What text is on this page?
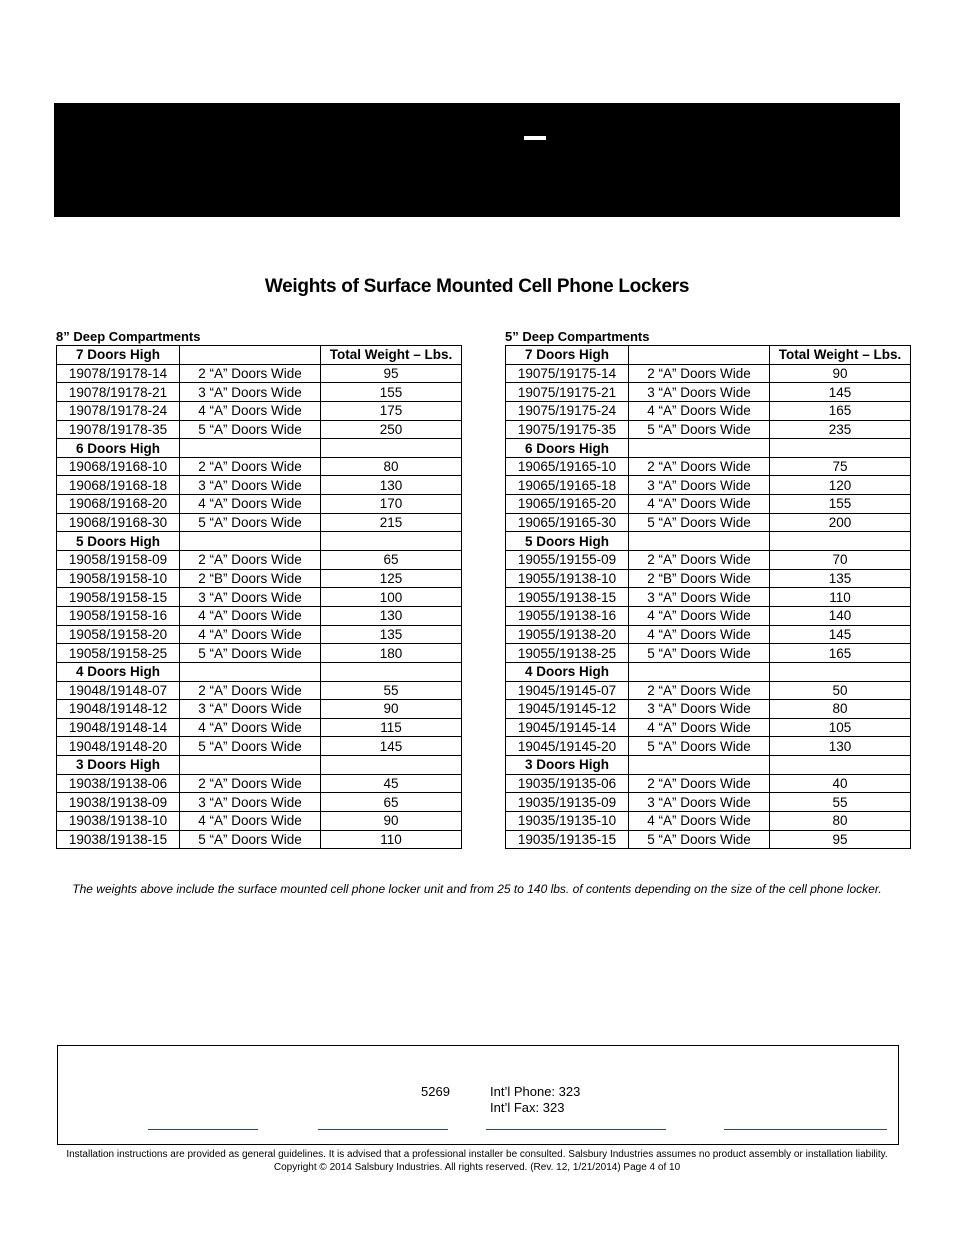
Weights of Surface Mounted Cell Phone Lockers
8” Deep Compartments
7 Doors High		Total Weight – Lbs.
19078/19178-14	2 “A” Doors Wide	95
19078/19178-21	3 “A” Doors Wide	155
19078/19178-24	4 “A” Doors Wide	175
19078/19178-35	5 “A” Doors Wide	250
6 Doors High		
19068/19168-10	2 “A” Doors Wide	80
19068/19168-18	3 “A” Doors Wide	130
19068/19168-20	4 “A” Doors Wide	170
19068/19168-30	5 “A” Doors Wide	215
5 Doors High		
19058/19158-09	2 “A” Doors Wide	65
19058/19158-10	2 “B” Doors Wide	125
19058/19158-15	3 “A” Doors Wide	100
19058/19158-16	4 “A” Doors Wide	130
19058/19158-20	4 “A” Doors Wide	135
19058/19158-25	5 “A” Doors Wide	180
4 Doors High		
19048/19148-07	2 “A” Doors Wide	55
19048/19148-12	3 “A” Doors Wide	90
19048/19148-14	4 “A” Doors Wide	115
19048/19148-20	5 “A” Doors Wide	145
3 Doors High		
19038/19138-06	2 “A” Doors Wide	45
19038/19138-09	3 “A” Doors Wide	65
19038/19138-10	4 “A” Doors Wide	90
19038/19138-15	5 “A” Doors Wide	110
5” Deep Compartments
7 Doors High		Total Weight – Lbs.
19075/19175-14	2 “A” Doors Wide	90
19075/19175-21	3 “A” Doors Wide	145
19075/19175-24	4 “A” Doors Wide	165
19075/19175-35	5 “A” Doors Wide	235
6 Doors High		
19065/19165-10	2 “A” Doors Wide	75
19065/19165-18	3 “A” Doors Wide	120
19065/19165-20	4 “A” Doors Wide	155
19065/19165-30	5 “A” Doors Wide	200
5 Doors High		
19055/19155-09	2 “A” Doors Wide	70
19055/19138-10	2 “B” Doors Wide	135
19055/19138-15	3 “A” Doors Wide	110
19055/19138-16	4 “A” Doors Wide	140
19055/19138-20	4 “A” Doors Wide	145
19055/19138-25	5 “A” Doors Wide	165
4 Doors High		
19045/19145-07	2 “A” Doors Wide	50
19045/19145-12	3 “A” Doors Wide	80
19045/19145-14	4 “A” Doors Wide	105
19045/19145-20	5 “A” Doors Wide	130
3 Doors High		
19035/19135-06	2 “A” Doors Wide	40
19035/19135-09	3 “A” Doors Wide	55
19035/19135-10	4 “A” Doors Wide	80
19035/19135-15	5 “A” Doors Wide	95
The weights above include the surface mounted cell phone locker unit and from 25 to 140 lbs. of contents depending on the size of the cell phone locker.
5269	Int’l Phone: 323
Int’l Fax: 323
Installation instructions are provided as general guidelines. It is advised that a professional installer be consulted. Salsbury Industries assumes no product assembly or installation liability.
Copyright © 2014 Salsbury Industries. All rights reserved. (Rev. 12, 1/21/2014) Page 4 of 10
